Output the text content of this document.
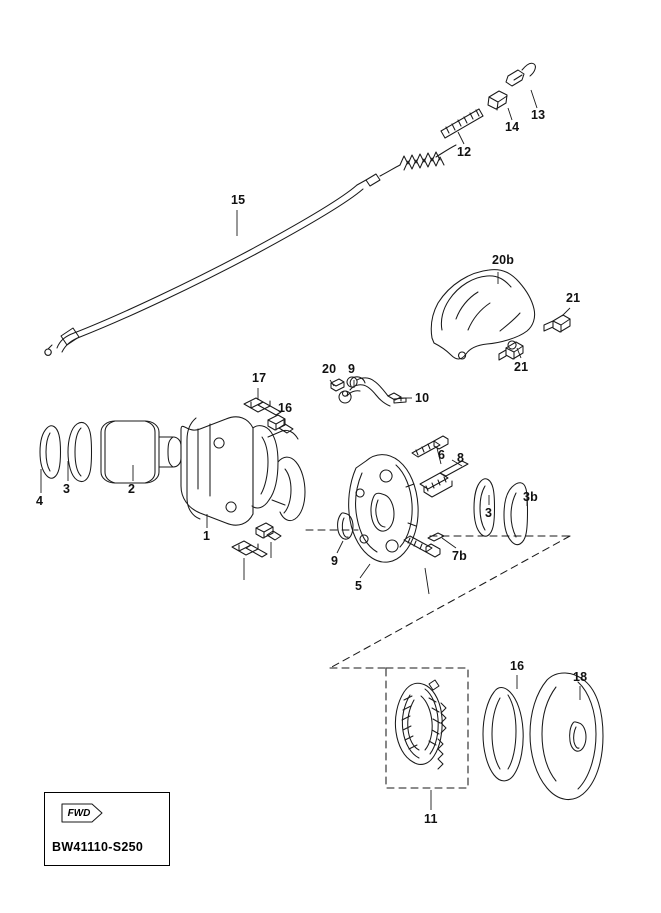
15
12
14
13
20b
21
21
9
20
10
17
16
1
2
3
4
5
6 8
7b
9
3
3b
11
16
18
FWD
BW41110-S250
